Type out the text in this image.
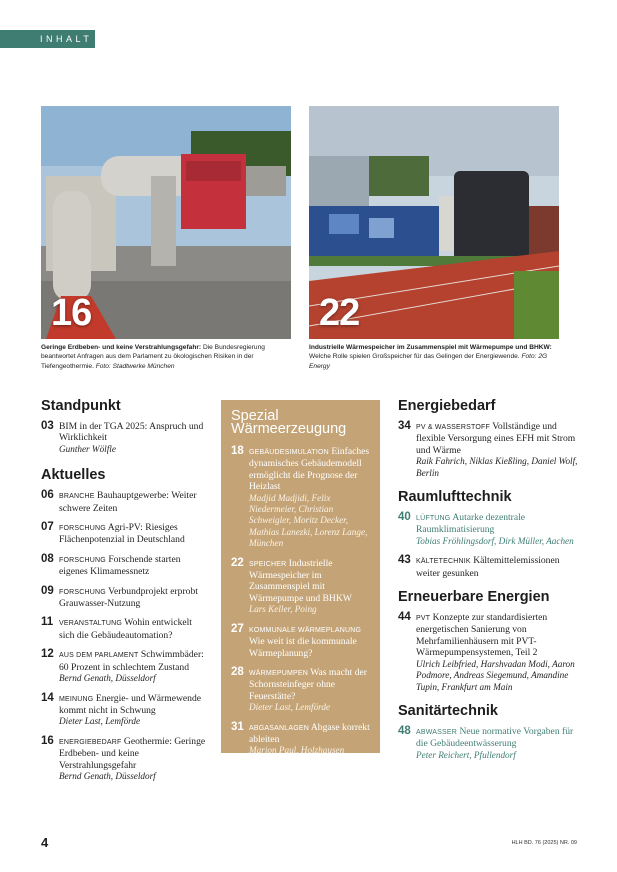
INHALT
16	22
Geringe Erdbeben- und keine Verstrahlungsgefahr: Die Bundesregierung beantwortet Anfragen aus dem Parlament zu ökologischen Risiken in der Tiefengeothermie. Foto: Stadtwerke München
Industrielle Wärmespeicher im Zusammenspiel mit Wärmepumpe und BHKW: Welche Rolle spielen Großspeicher für das Gelingen der Energiewende. Foto: 2G Energy
Standpunkt
03 BIM in der TGA 2025: Anspruch und Wirklichkeit
Gunther Wölfle
Aktuelles
06 BRANCHE Bauhauptgewerbe: Weiter schwere Zeiten
07 FORSCHUNG Agri-PV: Riesiges Flächenpotenzial in Deutschland
08 FORSCHUNG Forschende starten eigenes Klimamessnetz
09 FORSCHUNG Verbundprojekt erprobt Grauwasser-Nutzung
11 VERANSTALTUNG Wohin entwickelt sich die Gebäudeautomation?
12 AUS DEM PARLAMENT Schwimmbäder: 60 Prozent in schlechtem Zustand
Bernd Genath, Düsseldorf
14 MEINUNG Energie- und Wärmewende kommt nicht in Schwung
Dieter Last, Lemförde
16 ENERGIEBEDARF Geothermie: Geringe Erdbeben- und keine Verstrahlungsgefahr
Bernd Genath, Düsseldorf
Spezial
Wärmeerzeugung
18 GEBÄUDESIMULATION Einfaches dynamisches Gebäudemodell ermöglicht die Prognose der Heizlast
Madjid Madjidi, Felix Niedermeier, Christian Schweigler, Moritz Decker, Mathias Lanezki, Lorenz Lange, München
22 SPEICHER Industrielle Wärmespeicher im Zusammenspiel mit Wärmepumpe und BHKW
Lars Keller, Poing
27 KOMMUNALE WÄRMEPLANUNG Wie weit ist die kommunale Wärmeplanung?
28 WÄRMEPUMPEN Was macht der Schornsteinfeger ohne Feuerstätte?
Dieter Last, Lemförde
31 ABGASANLAGEN Abgase korrekt ableiten
Marion Paul, Holzhausen
Energiebedarf
34 PV & WASSERSTOFF Vollständige und flexible Versorgung eines EFH mit Strom und Wärme
Raik Fahrich, Niklas Kießling, Daniel Wolf, Berlin
Raumlufttechnik
40 LÜFTUNG Autarke dezentrale Raumklimatisierung
Tobias Fröhlingsdorf, Dirk Müller, Aachen
43 KÄLTETECHNIK Kältemittelemissionen weiter gesunken
Erneuerbare Energien
44 PVT Konzepte zur standardisierten energetischen Sanierung von Mehrfamilienhäusern mit PVT-Wärmepumpensystemen, Teil 2
Ulrich Leibfried, Harshvadan Modi, Aaron Podmore, Andreas Siegemund, Amandine Tupin, Frankfurt am Main
Sanitärtechnik
48 ABWASSER Neue normative Vorgaben für die Gebäudeentwässerung
Peter Reichert, Pfullendorf
4	HLH BD. 76 (2025) NR. 09
